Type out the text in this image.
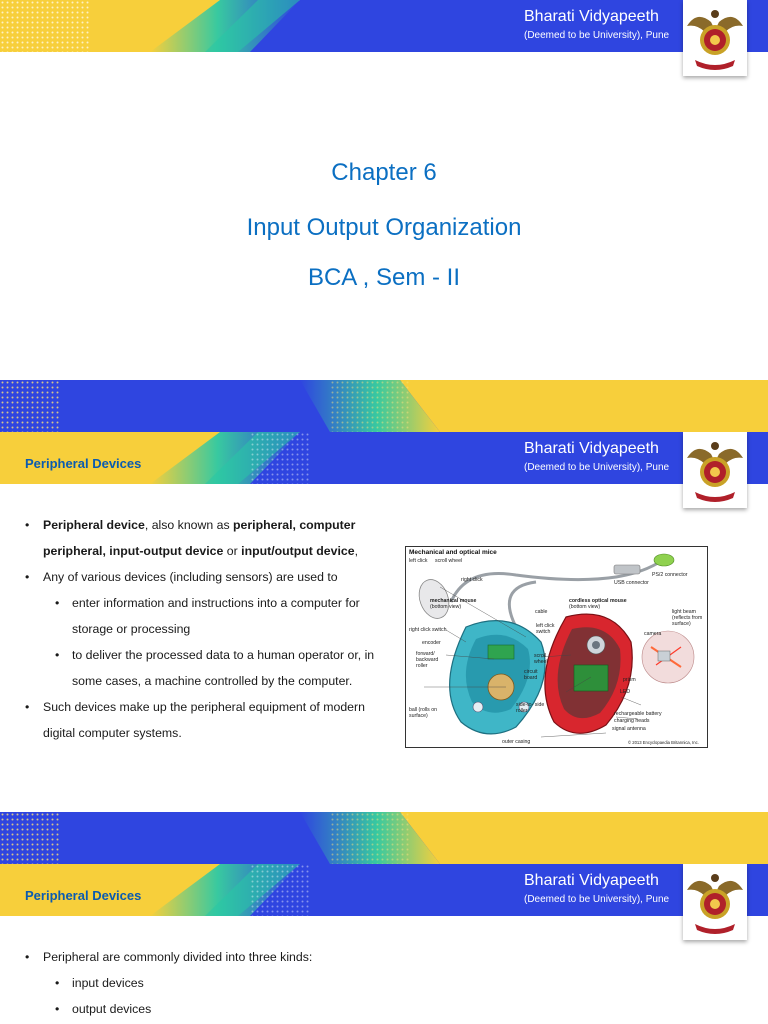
Bharati Vidyapeeth
(Deemed to be University), Pune
Chapter 6
Input Output Organization
BCA , Sem - II
Peripheral Devices
Bharati Vidyapeeth
(Deemed to be University), Pune
• Peripheral device, also known as peripheral, computer peripheral, input-output device or input/output device,
• Any of various devices (including sensors) are used to
• enter information and instructions into a computer for storage or processing
• to deliver the processed data to a human operator or, in some cases, a machine controlled by the computer.
• Such devices make up the peripheral equipment of modern digital computer systems.
Mechanical and optical mice
left click scroll wheel
right click
PS/2 connector
USB connector
mechanical mouse
(bottom view)
cordless optical mouse
(bottom view)
cable
right click switch
left click switch
encoder
forward/ backward roller
scroll wheel
circuit board
side-to- side roller
ball (rolls on surface)
outer casing
light beam (reflects from surface)
camera
prism
LED
rechargeable battery
charging heads
signal antenna
© 2013 Encyclopaedia Britannica, Inc.
Peripheral Devices
Bharati Vidyapeeth
(Deemed to be University), Pune
• Peripheral are commonly divided into three kinds:
• input devices
• output devices
